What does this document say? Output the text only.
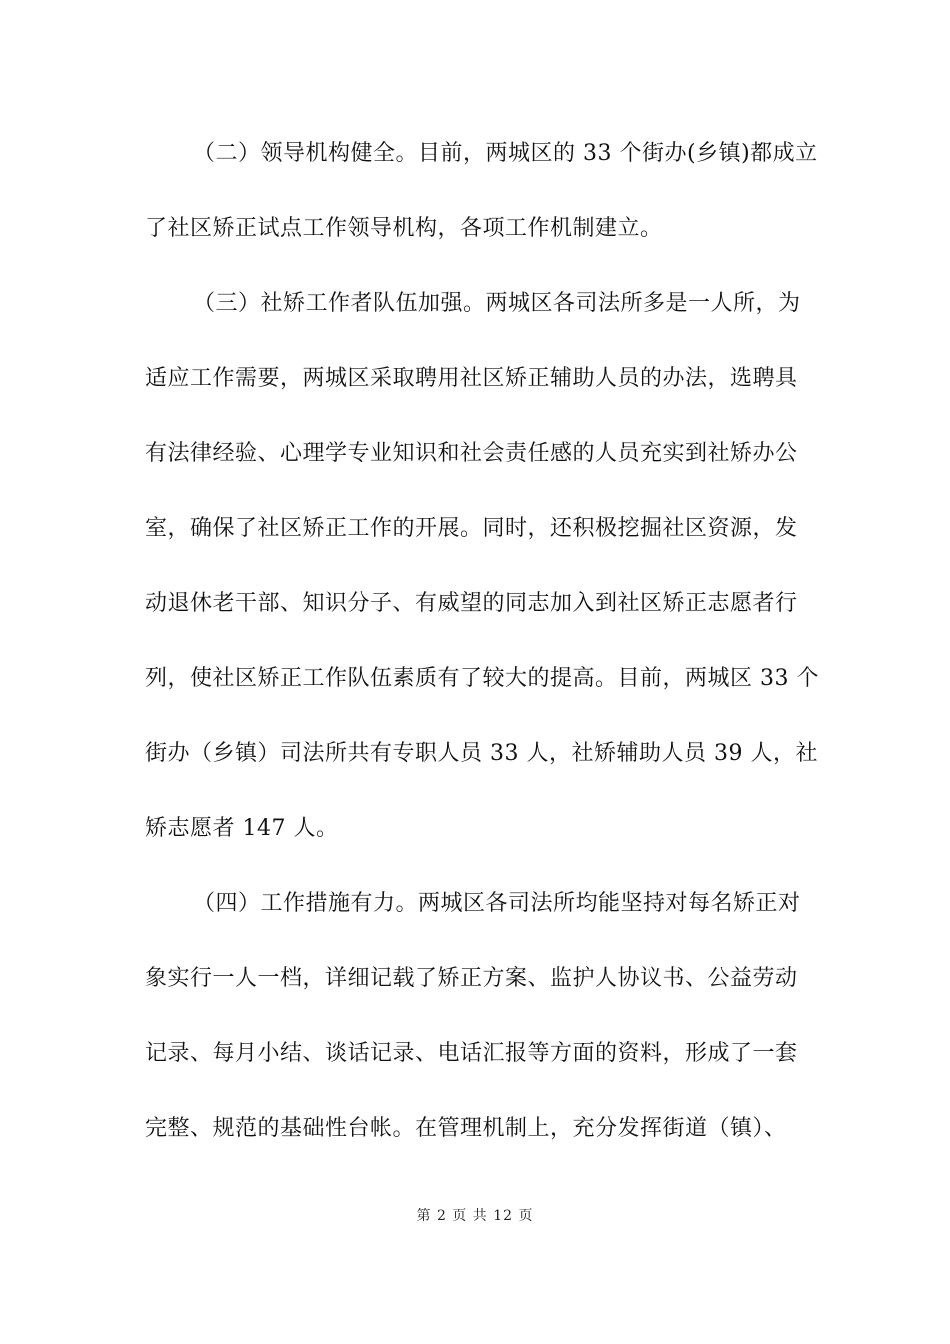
（二）领导机构健全。目前，两城区的 33 个街办(乡镇)都成立
了社区矫正试点工作领导机构，各项工作机制建立。
（三）社矫工作者队伍加强。两城区各司法所多是一人所，为
适应工作需要，两城区采取聘用社区矫正辅助人员的办法，选聘具
有法律经验、心理学专业知识和社会责任感的人员充实到社矫办公
室，确保了社区矫正工作的开展。同时，还积极挖掘社区资源，发
动退休老干部、知识分子、有威望的同志加入到社区矫正志愿者行
列，使社区矫正工作队伍素质有了较大的提高。目前，两城区 33 个
街办（乡镇）司法所共有专职人员 33 人，社矫辅助人员 39 人，社
矫志愿者 147 人。
（四）工作措施有力。两城区各司法所均能坚持对每名矫正对
象实行一人一档，详细记载了矫正方案、监护人协议书、公益劳动
记录、每月小结、谈话记录、电话汇报等方面的资料，形成了一套
完整、规范的基础性台帐。在管理机制上，充分发挥街道（镇）、
第 2 页 共 12 页
